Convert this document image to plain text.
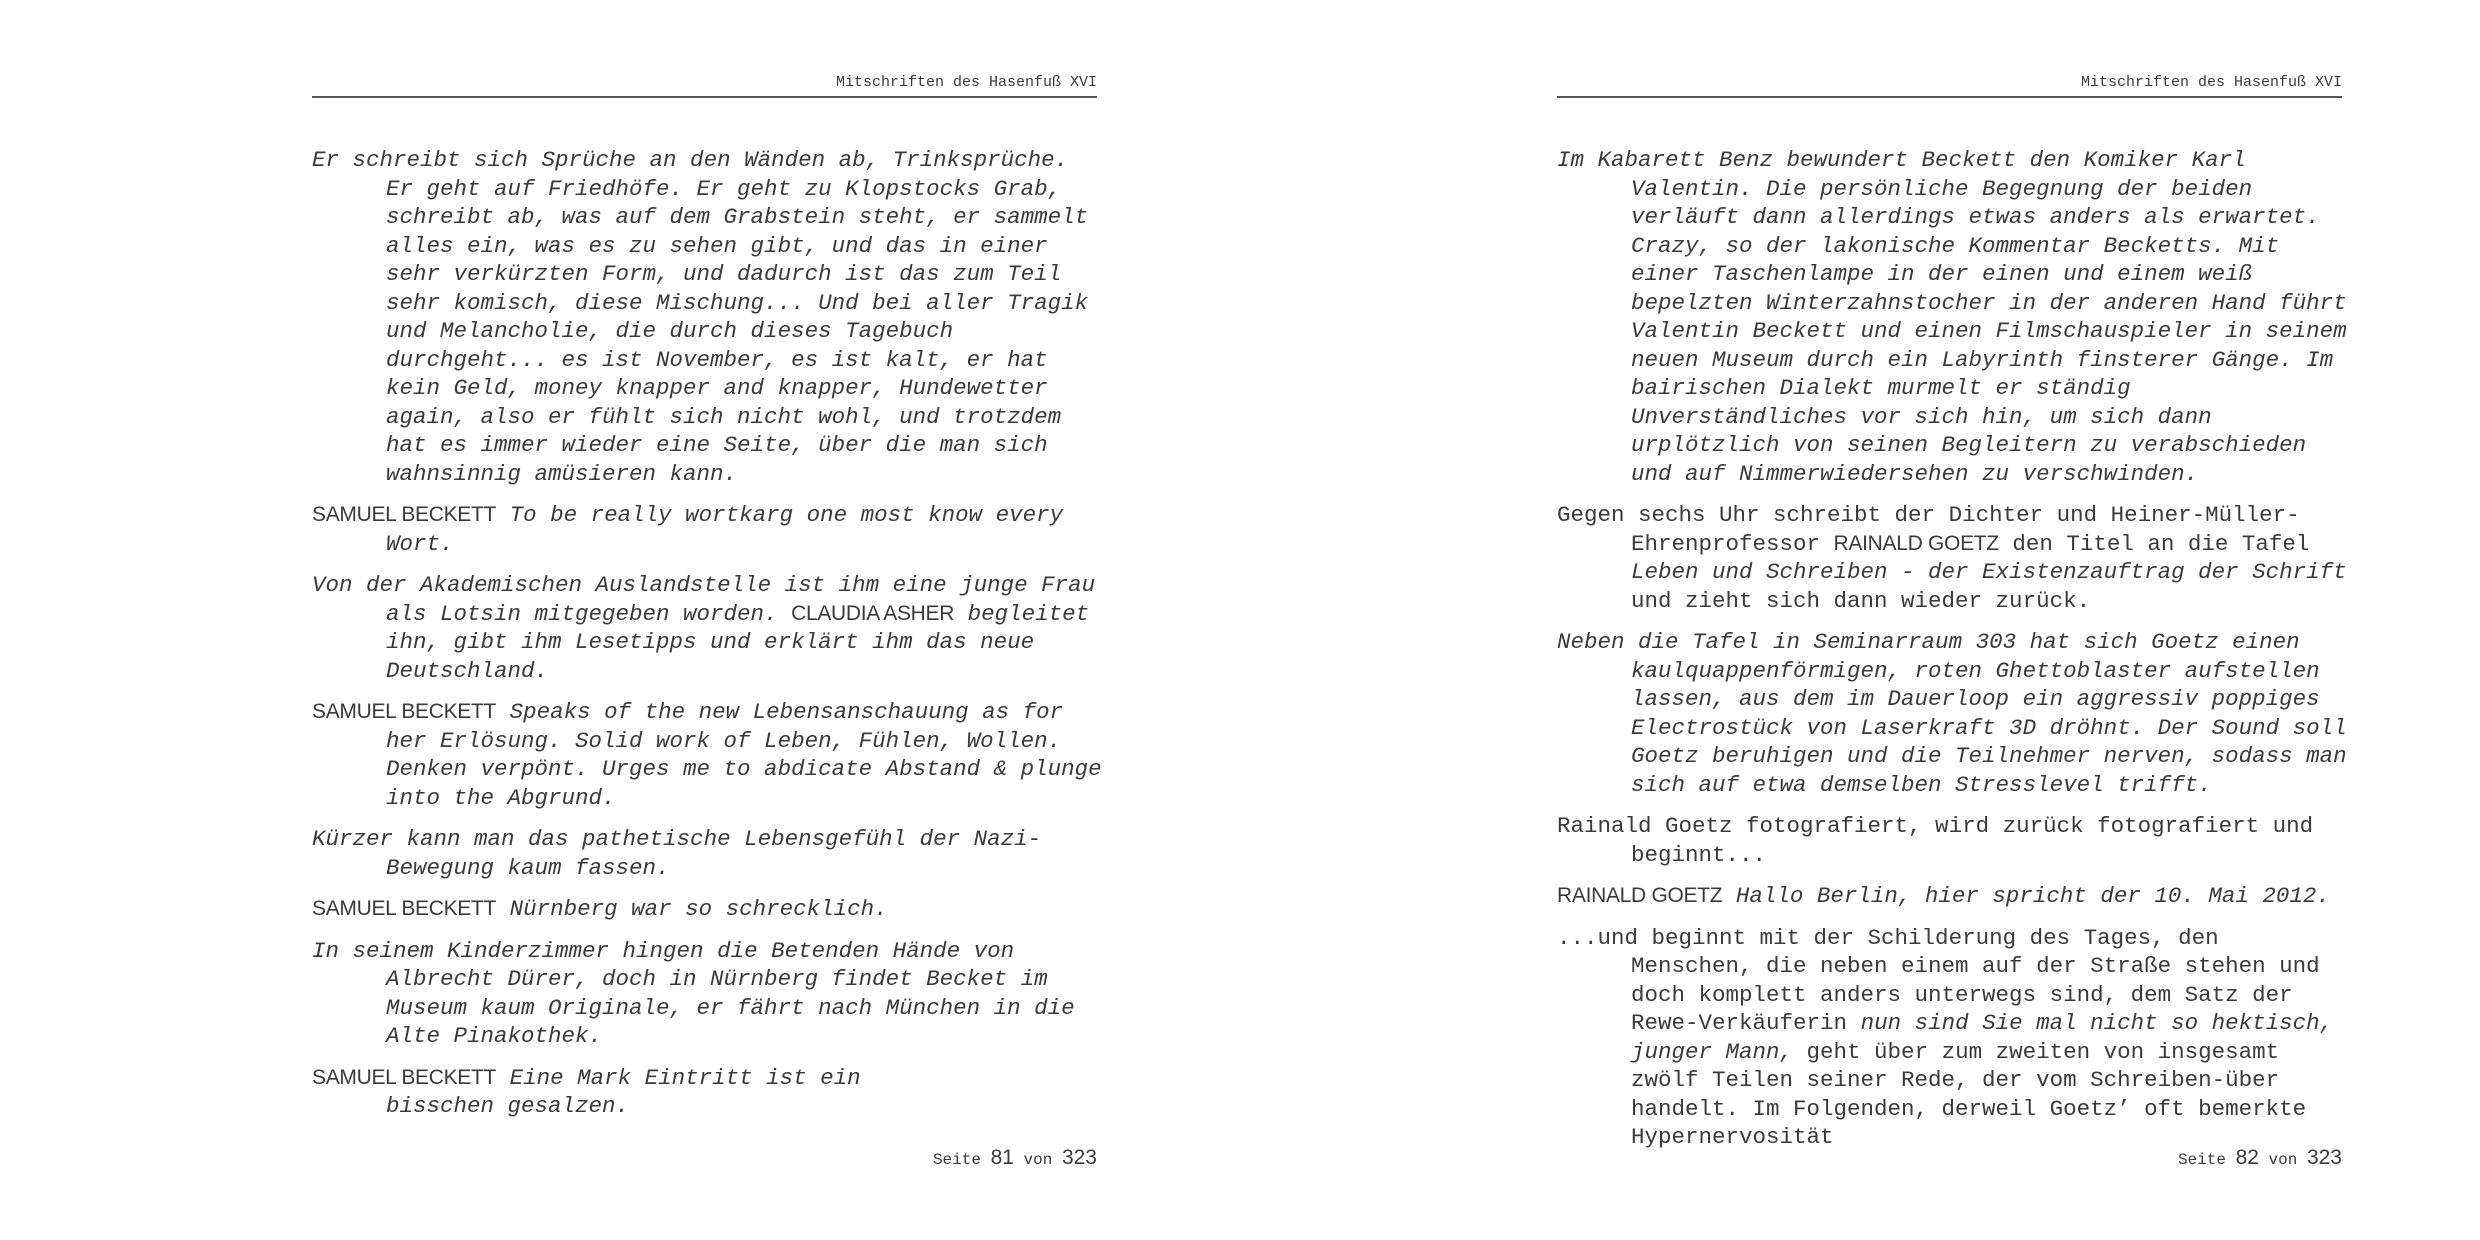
Mitschriften des Hasenfuß XVI

Er schreibt sich Sprüche an den Wänden ab, Trinksprüche. Er geht auf Friedhöfe. Er geht zu Klopstocks Grab, schreibt ab, was auf dem Grabstein steht, er sammelt alles ein, was es zu sehen gibt, und das in einer sehr verkürzten Form, und dadurch ist das zum Teil sehr komisch, diese Mischung... Und bei aller Tragik und Melancholie, die durch dieses Tagebuch durchgeht... es ist November, es ist kalt, er hat kein Geld, money knapper and knapper, Hundewetter again, also er fühlt sich nicht wohl, und trotzdem hat es immer wieder eine Seite, über die man sich wahnsinnig amüsieren kann.

SAMUEL BECKETT To be really wortkarg one most know every Wort.

Von der Akademischen Auslandstelle ist ihm eine junge Frau als Lotsin mitgegeben worden. CLAUDIA ASHER begleitet ihn, gibt ihm Lesetipps und erklärt ihm das neue Deutschland.

SAMUEL BECKETT Speaks of the new Lebensanschauung as for her Erlösung. Solid work of Leben, Fühlen, Wollen. Denken verpönt. Urges me to abdicate Abstand & plunge into the Abgrund.

Kürzer kann man das pathetische Lebensgefühl der Nazi-Bewegung kaum fassen.

SAMUEL BECKETT Nürnberg war so schrecklich.

In seinem Kinderzimmer hingen die Betenden Hände von Albrecht Dürer, doch in Nürnberg findet Becket im Museum kaum Originale, er fährt nach München in die Alte Pinakothek.

SAMUEL BECKETT Eine Mark Eintritt ist ein bisschen gesalzen.

Seite 81 von 323
Mitschriften des Hasenfuß XVI

Im Kabarett Benz bewundert Beckett den Komiker Karl Valentin. Die persönliche Begegnung der beiden verläuft dann allerdings etwas anders als erwartet. Crazy, so der lakonische Kommentar Becketts. Mit einer Taschenlampe in der einen und einem weiß bepelzten Winterzahnstocher in der anderen Hand führt Valentin Beckett und einen Filmschauspieler in seinem neuen Museum durch ein Labyrinth finsterer Gänge. Im bairischen Dialekt murmelt er ständig Unverständliches vor sich hin, um sich dann urplötzlich von seinen Begleitern zu verabschieden und auf Nimmerwiedersehen zu verschwinden.

Gegen sechs Uhr schreibt der Dichter und Heiner-Müller-Ehrenprofessor RAINALD GOETZ den Titel an die Tafel Leben und Schreiben - der Existenzauftrag der Schrift und zieht sich dann wieder zurück.

Neben die Tafel in Seminarraum 303 hat sich Goetz einen kaulquappenförmigen, roten Ghettoblaster aufstellen lassen, aus dem im Dauerloop ein aggressiv poppiges Electrostück von Laserkraft 3D dröhnt. Der Sound soll Goetz beruhigen und die Teilnehmer nerven, sodass man sich auf etwa demselben Stresslevel trifft.

Rainald Goetz fotografiert, wird zurück fotografiert und beginnt...

RAINALD GOETZ Hallo Berlin, hier spricht der 10. Mai 2012.

...und beginnt mit der Schilderung des Tages, den Menschen, die neben einem auf der Straße stehen und doch komplett anders unterwegs sind, dem Satz der Rewe-Verkäuferin nun sind Sie mal nicht so hektisch, junger Mann, geht über zum zweiten von insgesamt zwölf Teilen seiner Rede, der vom Schreiben-über handelt. Im Folgenden, derweil Goetz’ oft bemerkte Hypernervosität

Seite 82 von 323
